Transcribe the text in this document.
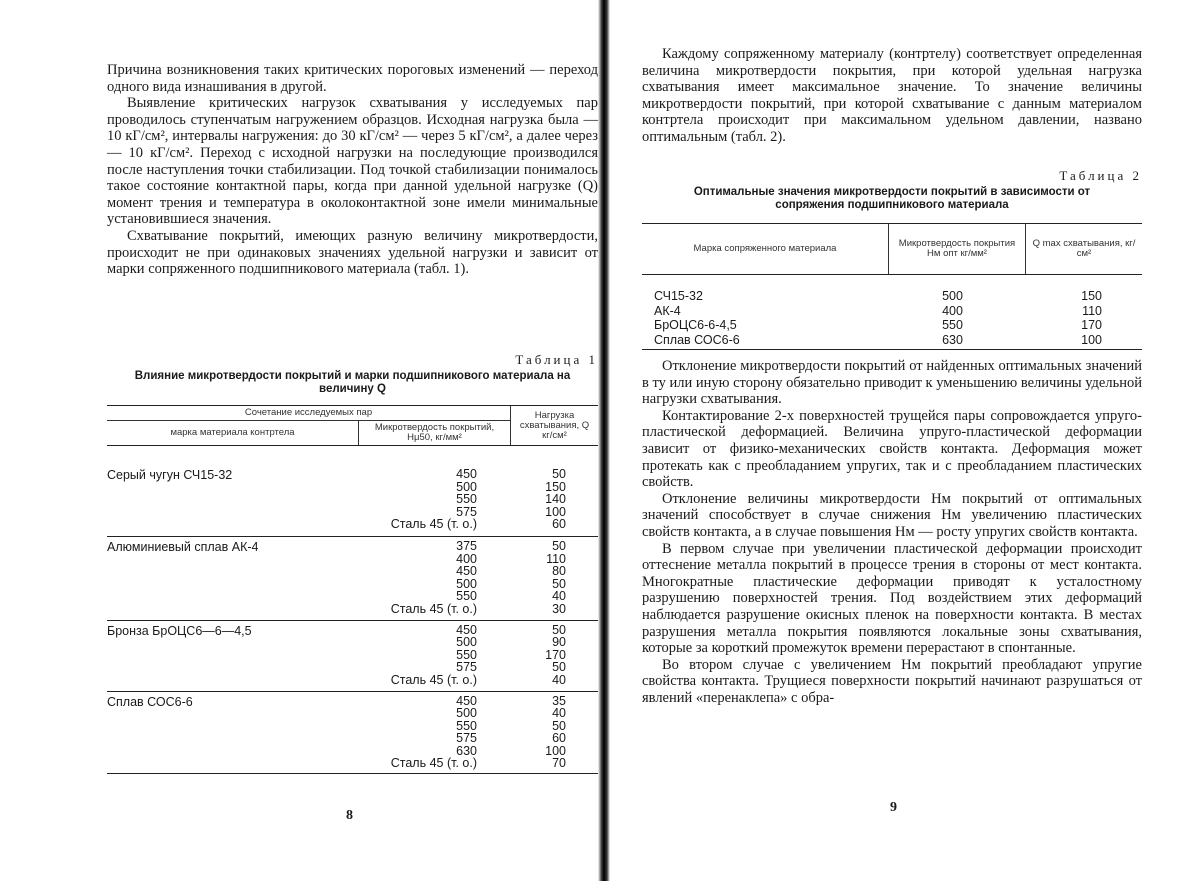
Причина возникновения таких критических пороговых изменений — переход одного вида изнашивания в другой.

Выявление критических нагрузок схватывания у исследуемых пар проводилось ступенчатым нагружением образцов. Исходная нагрузка была — 10 кГ/см², интервалы нагружения: до 30 кГ/см² — через 5 кГ/см², а далее через — 10 кГ/см². Переход с исходной нагрузки на последующие производился после наступления точки стабилизации. Под точкой стабилизации понималось такое состояние контактной пары, когда при данной удельной нагрузке (Q) момент трения и температура в околоконтактной зоне имели минимальные установившиеся значения.

Схватывание покрытий, имеющих разную величину микротвердости, происходит не при одинаковых значениях удельной нагрузки и зависит от марки сопряженного подшипникового материала (табл. 1).

Таблица 1
Влияние микротвердости покрытий и марки подшипникового материала на величину Q
Сочетание исследуемых пар	Нагрузка схватывания, Q кг/см²
марка материала контртела	Микротвердость покрытий, Hμ50, кг/мм²
Серый чугун СЧ15-32	450
500
550
575
Сталь 45 (т. о.)
50
150
140
100
60
Алюминиевый сплав АК-4	375
400
450
500
550
Сталь 45 (т. о.)
50
110
80
50
40
30
Бронза БрОЦС6—6—4,5	450
500
550
575
Сталь 45 (т. о.)
50
90
170
50
40
Сплав СОС6-6	450
500
550
575
630
Сталь 45 (т. о.)
35
40
50
60
100
70
8

Каждому сопряженному материалу (контртелу) соответствует определенная величина микротвердости покрытия, при которой удельная нагрузка схватывания имеет максимальное значение. То значение величины микротвердости покрытий, при которой схватывание с данным материалом контртела происходит при максимальном удельном давлении, названо оптимальным (табл. 2).

Таблица 2
Оптимальные значения микротвердости покрытий в зависимости от сопряжения подшипникового материала
Марка сопряженного материала	Микротвердость покрытия Hм опт кг/мм²	Q max схватывания, кг/см²
СЧ15-32	500	150
АК-4	400	110
БрОЦС6-6-4,5	550	170
Сплав СОС6-6	630	100

Отклонение микротвердости покрытий от найденных оптимальных значений в ту или иную сторону обязательно приводит к уменьшению величины удельной нагрузки схватывания.

Контактирование 2-х поверхностей трущейся пары сопровождается упруго-пластической деформацией. Величина упруго-пластической деформации зависит от физико-механических свойств контакта. Деформация может протекать как с преобладанием упругих, так и с преобладанием пластических свойств.

Отклонение величины микротвердости Hм покрытий от оптимальных значений способствует в случае снижения Hм увеличению пластических свойств контакта, а в случае повышения Hм — росту упругих свойств контакта.

В первом случае при увеличении пластической деформации происходит оттеснение металла покрытий в процессе трения в стороны от мест контакта. Многократные пластические деформации приводят к усталостному разрушению поверхностей трения. Под воздействием этих деформаций наблюдается разрушение окисных пленок на поверхности контакта. В местах разрушения металла покрытия появляются локальные зоны схватывания, которые за короткий промежуток времени перерастают в спонтанные.

Во втором случае с увеличением Hм покрытий преобладают упругие свойства контакта. Трущиеся поверхности покрытий начинают разрушаться от явлений «перенаклепа» с обра-

9
